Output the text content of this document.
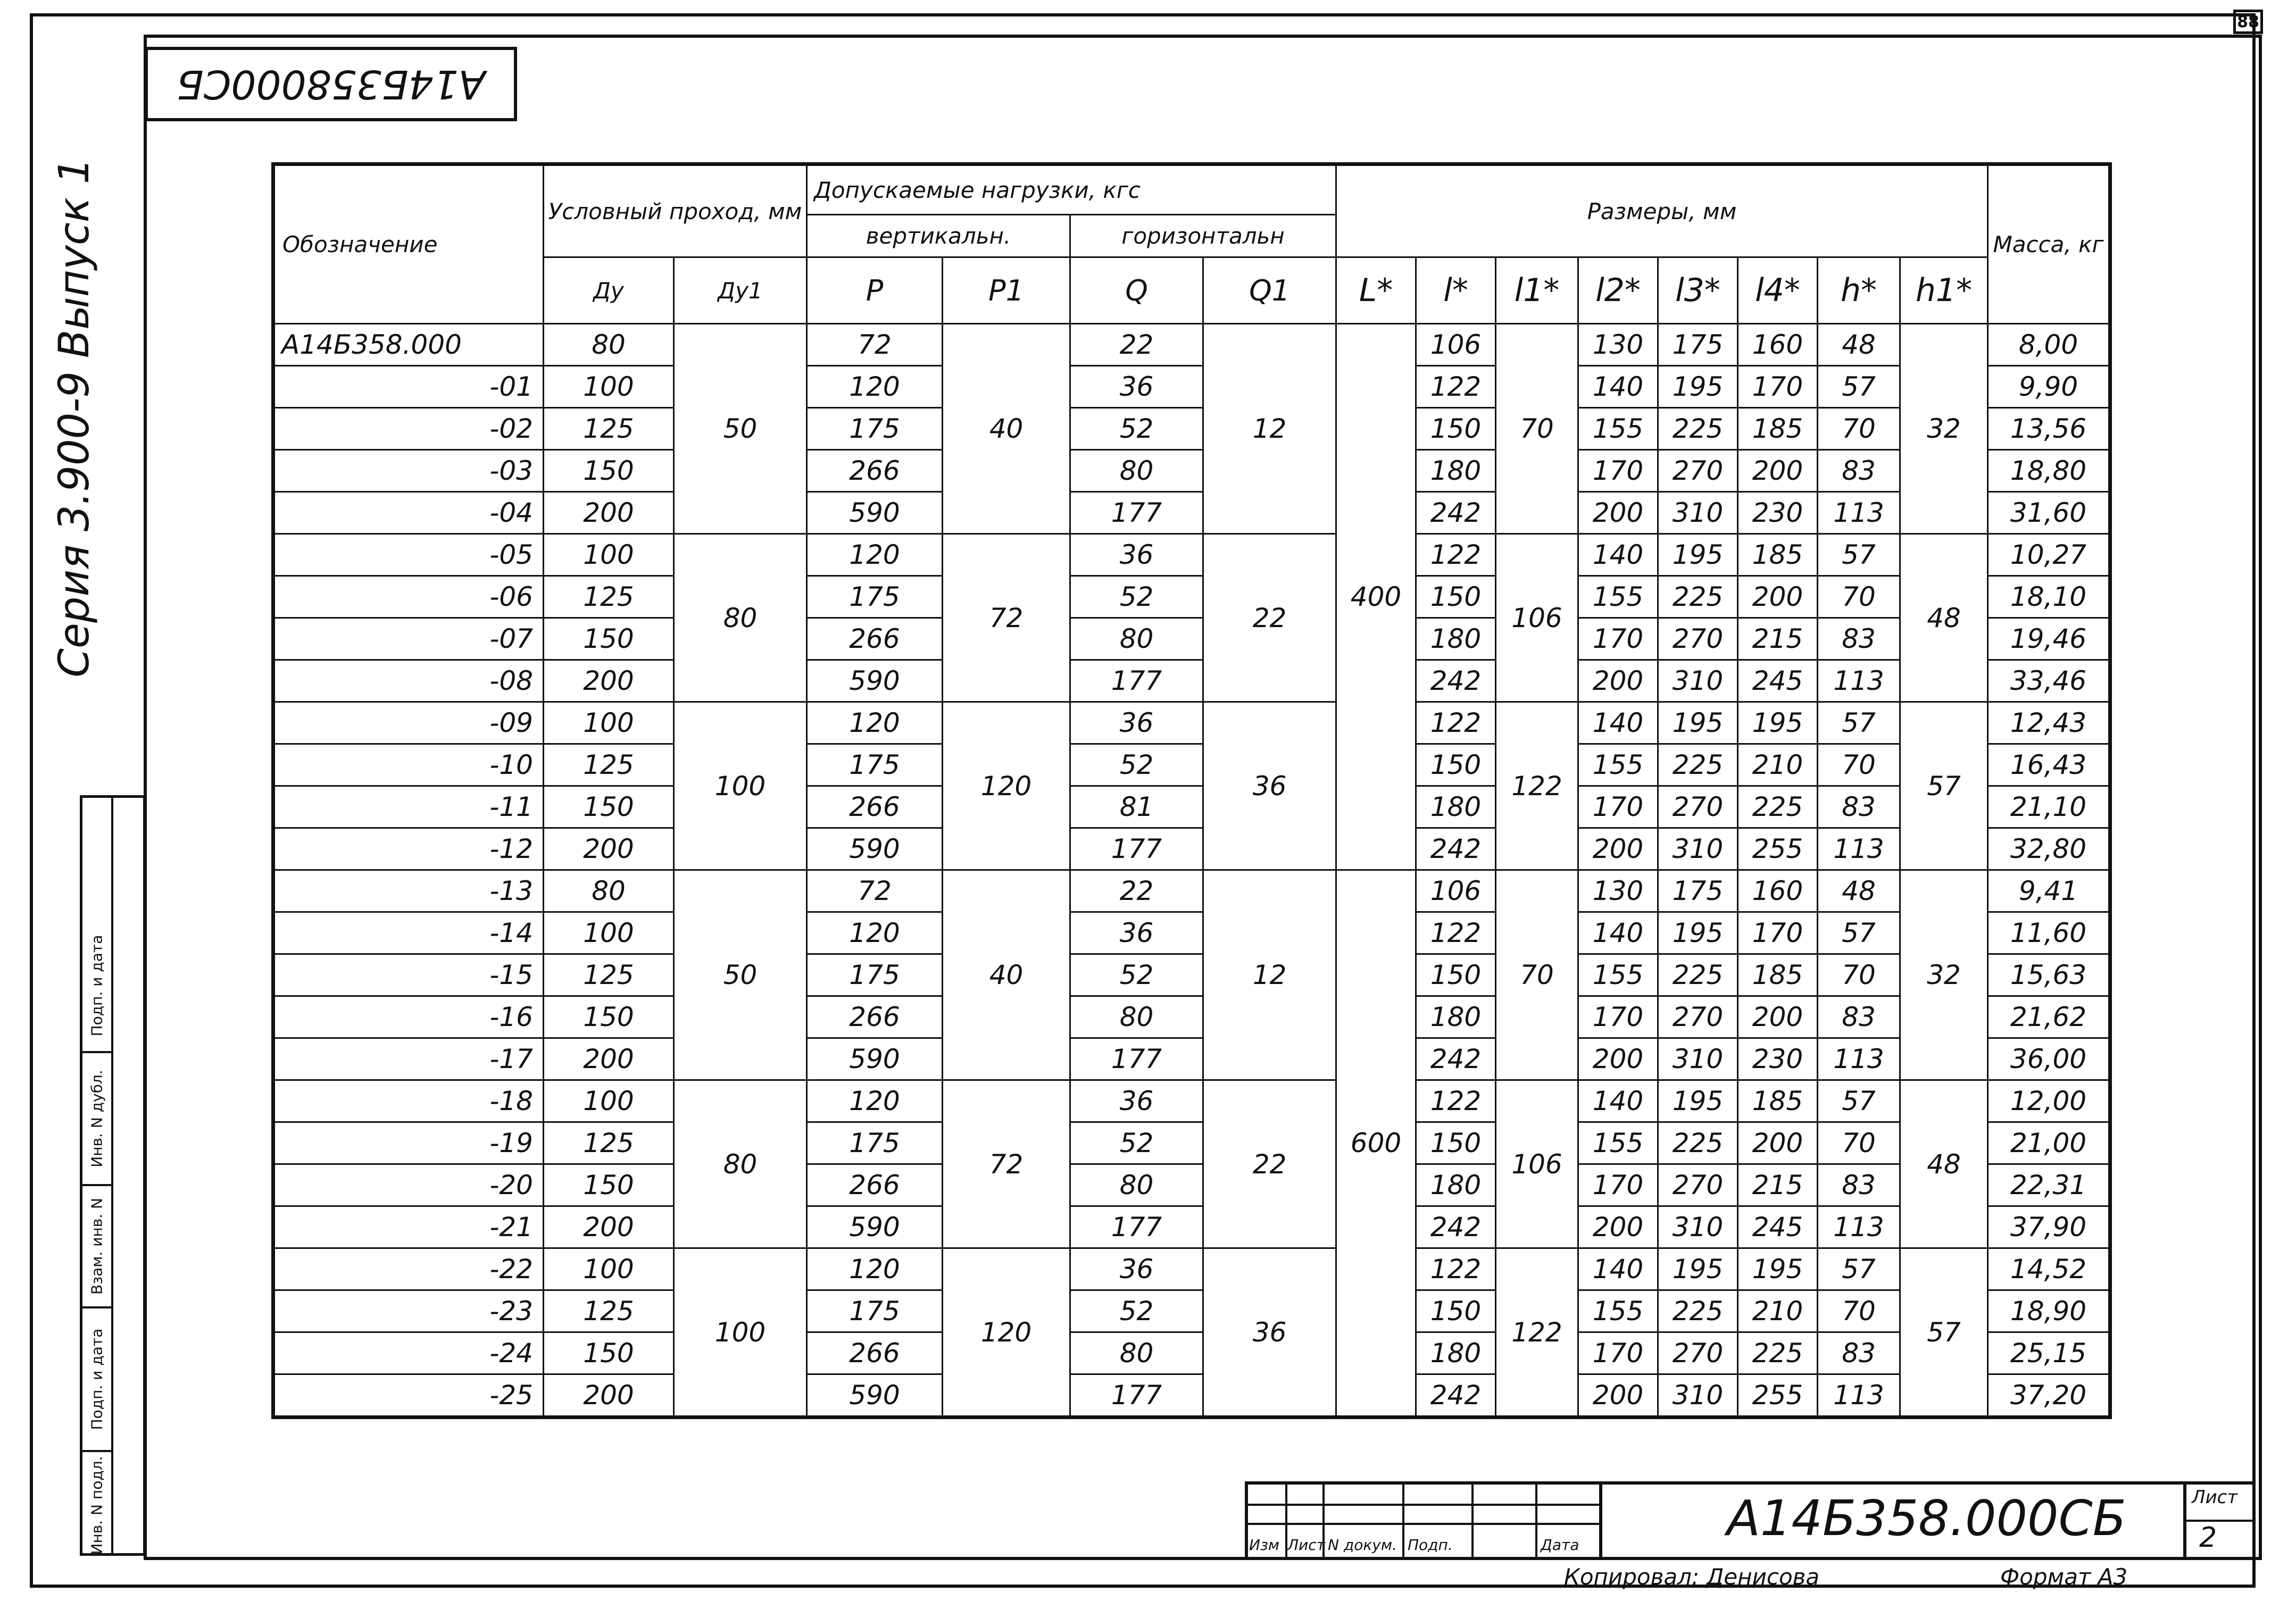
88
А14Б358000СБ
Серия 3.900-9 Выпуск 1
Инв. N подл.
Подп. и дата
Взам. инв. N
Инв. N дубл.
Подп. и дата
Обозначение	Условный проход, мм		Допускаемые нагрузки, кгс				Размеры, мм								Масса, кг
			вертикальн.		горизонтальн										
	Ду	Ду1	P	P1	Q	Q1	L*	l*	l1*	l2*	l3*	l4*	h*	h1*	
А14Б358.000	80	50	72	40	22	12	400	106	70	130	175	160	48	32	8,00
-01	100		120		36			122		140	195	170	57		9,90
-02	125		175		52			150		155	225	185	70		13,56
-03	150		266		80			180		170	270	200	83		18,80
-04	200		590		177			242		200	310	230	113		31,60
-05	100	80	120	72	36	22		122	106	140	195	185	57	48	10,27
-06	125		175		52			150		155	225	200	70		18,10
-07	150		266		80			180		170	270	215	83		19,46
-08	200		590		177			242		200	310	245	113		33,46
-09	100	100	120	120	36	36		122	122	140	195	195	57	57	12,43
-10	125		175		52			150		155	225	210	70		16,43
-11	150		266		81			180		170	270	225	83		21,10
-12	200		590		177			242		200	310	255	113		32,80
-13	80	50	72	40	22	12	600	106	70	130	175	160	48	32	9,41
-14	100		120		36			122		140	195	170	57		11,60
-15	125		175		52			150		155	225	185	70		15,63
-16	150		266		80			180		170	270	200	83		21,62
-17	200		590		177			242		200	310	230	113		36,00
-18	100	80	120	72	36	22		122	106	140	195	185	57	48	12,00
-19	125		175		52			150		155	225	200	70		21,00
-20	150		266		80			180		170	270	215	83		22,31
-21	200		590		177			242		200	310	245	113		37,90
-22	100	100	120	120	36	36		122	122	140	195	195	57	57	14,52
-23	125		175		52			150		155	225	210	70		18,90
-24	150		266		80			180		170	270	225	83		25,15
-25	200		590		177			242		200	310	255	113		37,20
Изм Лист N докум. Подп.	Дата	А14Б358.000СБ	Лист
2
Копировал: Денисова	Формат А3
